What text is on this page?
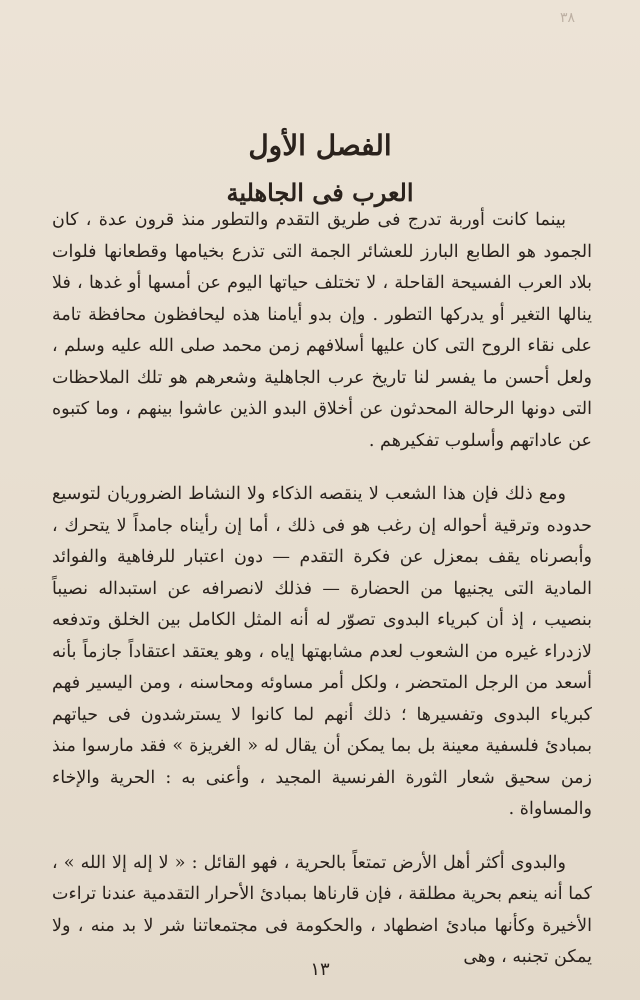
٣٨
الفصل الأول
العرب فى الجاهلية

بينما كانت أوربة تدرج فى طريق التقدم والتطور منذ قرون عدة ، كان الجمود هو الطابع البارز للعشائر الجمة التى تذرع بخيامها وقطعانها فلوات بلاد العرب الفسيحة القاحلة ، لا تختلف حياتها اليوم عن أمسها أو غدها ، فلا ينالها التغير أو يدركها التطور . وإن بدو أيامنا هذه ليحافظون محافظة تامة على نقاء الروح التى كان عليها أسلافهم زمن محمد صلى الله عليه وسلم ، ولعل أحسن ما يفسر لنا تاريخ عرب الجاهلية وشعرهم هو تلك الملاحظات التى دونها الرحالة المحدثون عن أخلاق البدو الذين عاشوا بينهم ، وما كتبوه عن عاداتهم وأسلوب تفكيرهم .

ومع ذلك فإن هذا الشعب لا ينقصه الذكاء ولا النشاط الضروريان لتوسيع حدوده وترقية أحواله إن رغب هو فى ذلك ، أما إن رأيناه جامداً لا يتحرك ، وأبصرناه يقف بمعزل عن فكرة التقدم — دون اعتبار للرفاهية والفوائد المادية التى يجنيها من الحضارة — فذلك لانصرافه عن استبداله نصيباً بنصيب ، إذ أن كبرياء البدوى تصوّر له أنه المثل الكامل بين الخلق وتدفعه لازدراء غيره من الشعوب لعدم مشابهتها إياه ، وهو يعتقد اعتقاداً جازماً بأنه أسعد من الرجل المتحضر ، ولكل أمر مساوئه ومحاسنه ، ومن اليسير فهم كبرياء البدوى وتفسيرها ؛ ذلك أنهم لما كانوا لا يسترشدون فى حياتهم بمبادئ فلسفية معينة بل بما يمكن أن يقال له « الغريزة » فقد مارسوا منذ زمن سحيق شعار الثورة الفرنسية المجيد ، وأعنى به : الحرية والإخاء والمساواة .

والبدوى أكثر أهل الأرض تمتعاً بالحرية ، فهو القائل : « لا إله إلا الله » ، كما أنه ينعم بحرية مطلقة ، فإن قارناها بمبادئ الأحرار التقدمية عندنا تراءت الأخيرة وكأنها مبادئ اضطهاد ، والحكومة فى مجتمعاتنا شر لا بد منه ، ولا يمكن تجنبه ، وهى

١٣
